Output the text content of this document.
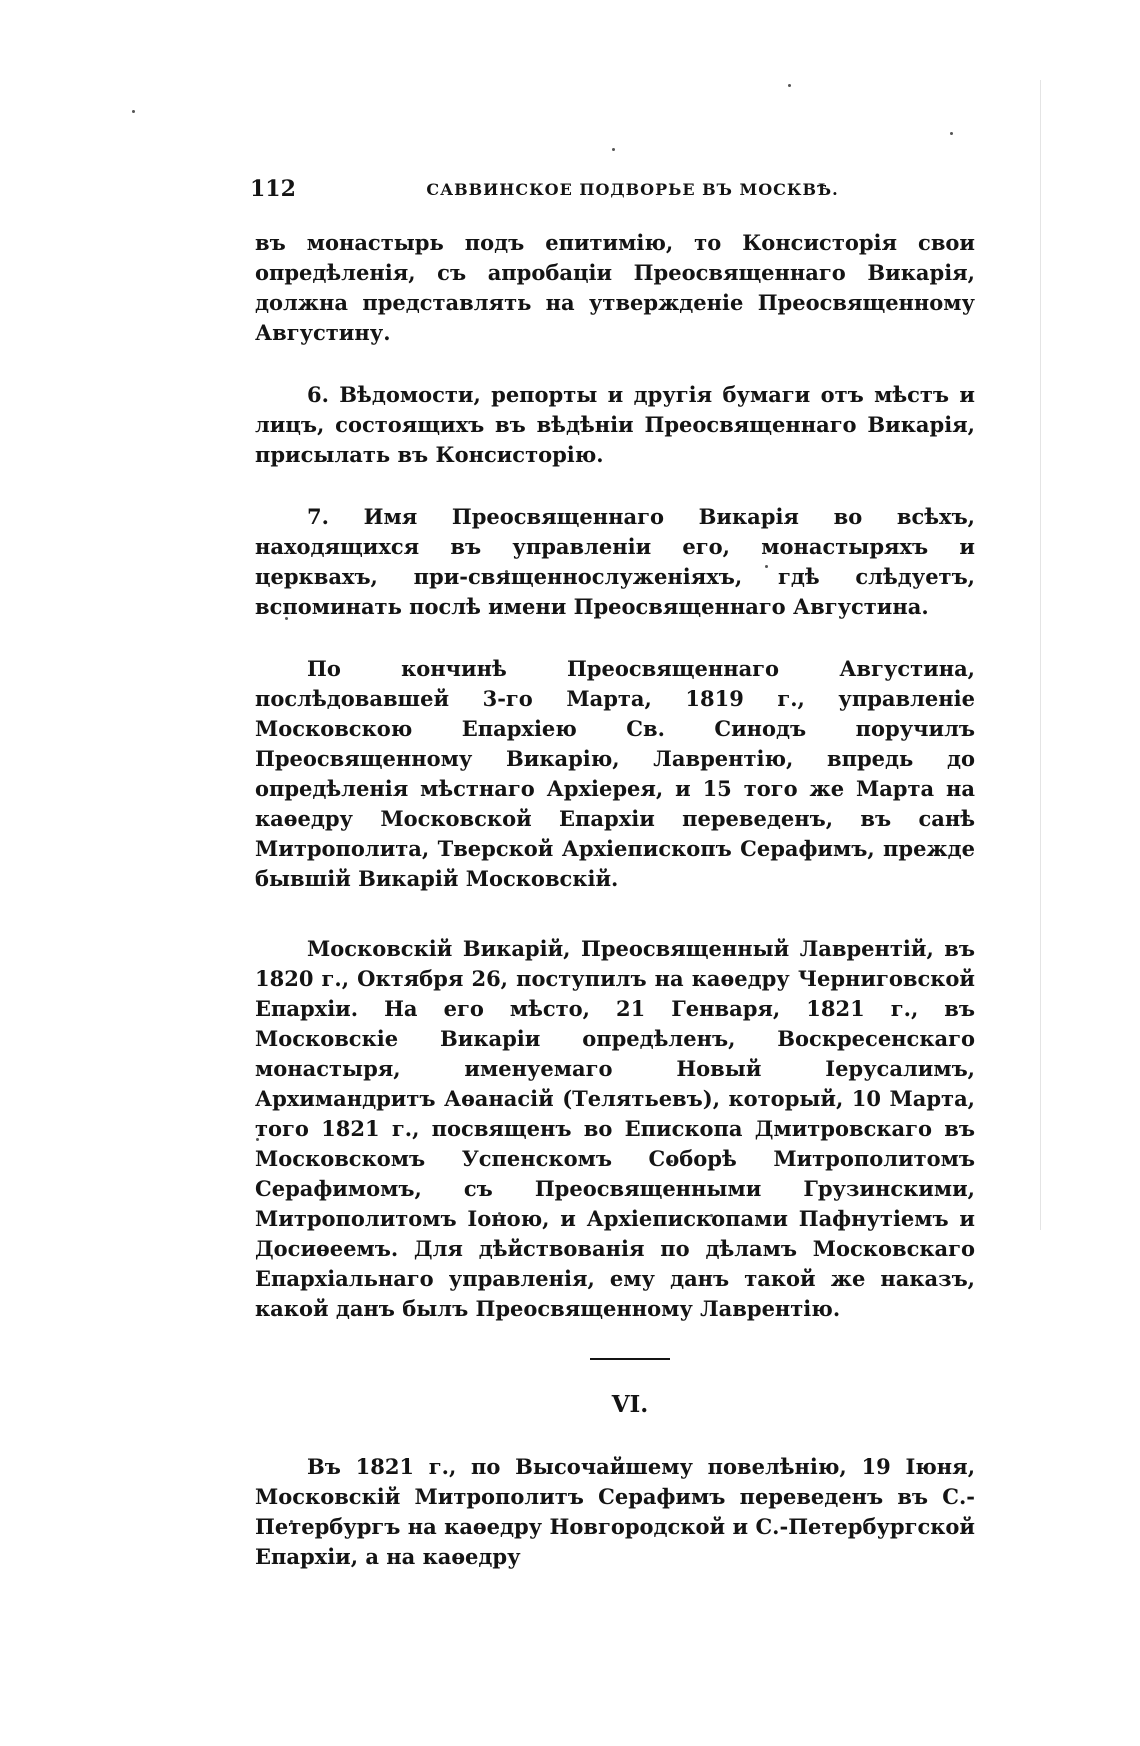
112	САВВИНСКОЕ ПОДВОРЬЕ ВЪ МОСКВѢ.

въ монастырь подъ епитимію, то Консисторія свои опредѣленія, съ апробаціи Преосвященнаго Викарія, должна представлять на утвержденіе Преосвященному Августину.

6. Вѣдомости, репорты и другія бумаги отъ мѣстъ и лицъ, состоящихъ въ вѣдѣніи Преосвященнаго Викарія, присылать въ Консисторію.

7. Имя Преосвященнаго Викарія во всѣхъ, находящихся въ управленіи его, монастыряхъ и церквахъ, при-священнослуженіяхъ, гдѣ слѣдуетъ, вспоминать послѣ имени Преосвященнаго Августина.

По кончинѣ Преосвященнаго Августина, послѣдовавшей 3-го Марта, 1819 г., управленіе Московскою Епархіею Св. Синодъ поручилъ Преосвященному Викарію, Лаврентію, впредь до опредѣленія мѣстнаго Архіерея, и 15 того же Марта на каѳедру Московской Епархіи переведенъ, въ санѣ Митрополита, Тверской Архіепископъ Серафимъ, прежде бывшій Викарій Московскій.

Московскій Викарій, Преосвященный Лаврентій, въ 1820 г., Октября 26, поступилъ на каѳедру Черниговской Епархіи. На его мѣсто, 21 Генваря, 1821 г., въ Московскіе Викаріи опредѣленъ, Воскресенскаго монастыря, именуемаго Новый Іерусалимъ, Архимандритъ Аѳанасій (Телятьевъ), который, 10 Марта, того 1821 г., посвященъ во Епископа Дмитровскаго въ Московскомъ Успенскомъ Соборѣ Митрополитомъ Серафимомъ, съ Преосвященными Грузинскими, Митрополитомъ Іоною, и Архіепископами Пафнутіемъ и Досиѳеемъ. Для дѣйствованія по дѣламъ Московскаго Епархіальнаго управленія, ему данъ такой же наказъ, какой данъ былъ Преосвященному Лаврентію.

VI.

Въ 1821 г., по Высочайшему повелѣнію, 19 Іюня, Московскій Митрополитъ Серафимъ переведенъ въ С.-Петербургъ на каѳедру Новгородской и С.-Петербургской Епархіи, а на каѳедру
